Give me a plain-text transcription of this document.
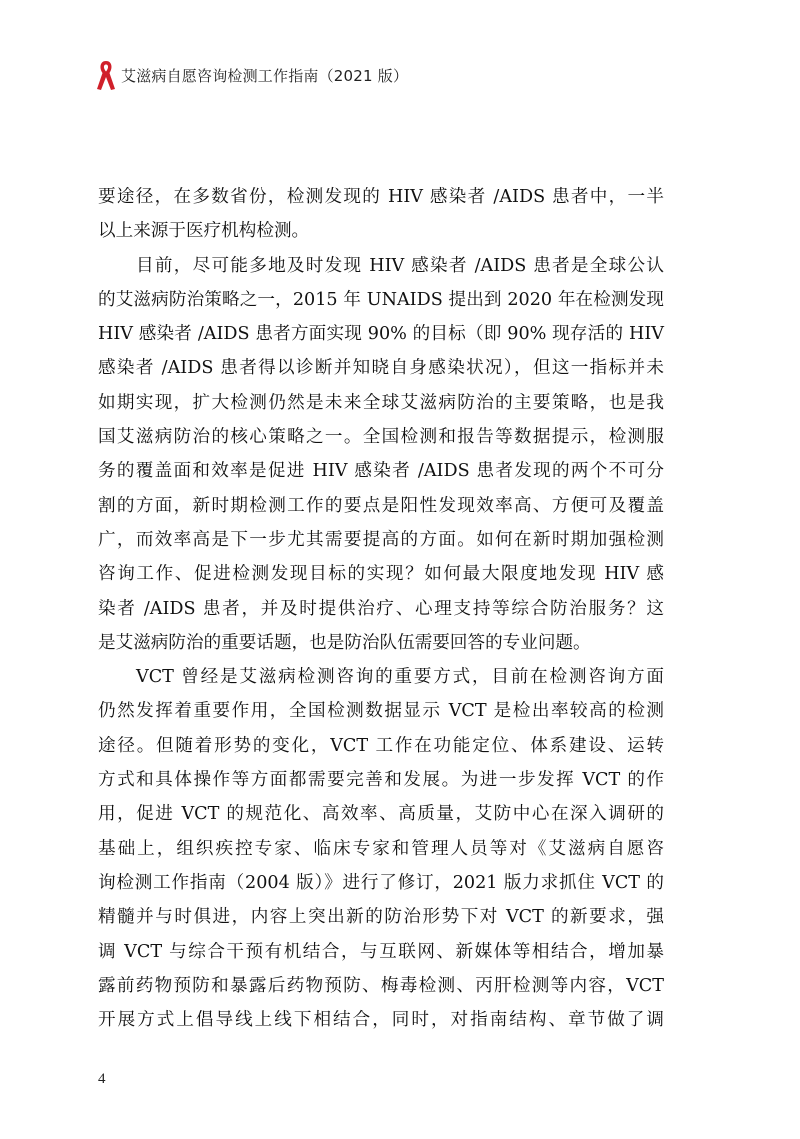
艾滋病自愿咨询检测工作指南（2021 版）
要途径，在多数省份，检测发现的 HIV 感染者 /AIDS 患者中，一半
以上来源于医疗机构检测。
目前，尽可能多地及时发现 HIV 感染者 /AIDS 患者是全球公认
的艾滋病防治策略之一，2015 年 UNAIDS 提出到 2020 年在检测发现
HIV 感染者 /AIDS 患者方面实现 90% 的目标（即 90% 现存活的 HIV
感染者 /AIDS 患者得以诊断并知晓自身感染状况），但这一指标并未
如期实现，扩大检测仍然是未来全球艾滋病防治的主要策略，也是我
国艾滋病防治的核心策略之一。全国检测和报告等数据提示，检测服
务的覆盖面和效率是促进 HIV 感染者 /AIDS 患者发现的两个不可分
割的方面，新时期检测工作的要点是阳性发现效率高、方便可及覆盖
广，而效率高是下一步尤其需要提高的方面。如何在新时期加强检测
咨询工作、促进检测发现目标的实现？如何最大限度地发现 HIV 感
染者 /AIDS 患者，并及时提供治疗、心理支持等综合防治服务？这
是艾滋病防治的重要话题，也是防治队伍需要回答的专业问题。
VCT 曾经是艾滋病检测咨询的重要方式，目前在检测咨询方面
仍然发挥着重要作用，全国检测数据显示 VCT 是检出率较高的检测
途径。但随着形势的变化，VCT 工作在功能定位、体系建设、运转
方式和具体操作等方面都需要完善和发展。为进一步发挥 VCT 的作
用，促进 VCT 的规范化、高效率、高质量，艾防中心在深入调研的
基础上，组织疾控专家、临床专家和管理人员等对《艾滋病自愿咨
询检测工作指南（2004 版）》进行了修订，2021 版力求抓住 VCT 的
精髓并与时俱进，内容上突出新的防治形势下对 VCT 的新要求，强
调 VCT 与综合干预有机结合，与互联网、新媒体等相结合，增加暴
露前药物预防和暴露后药物预防、梅毒检测、丙肝检测等内容，VCT
开展方式上倡导线上线下相结合，同时，对指南结构、章节做了调
4
